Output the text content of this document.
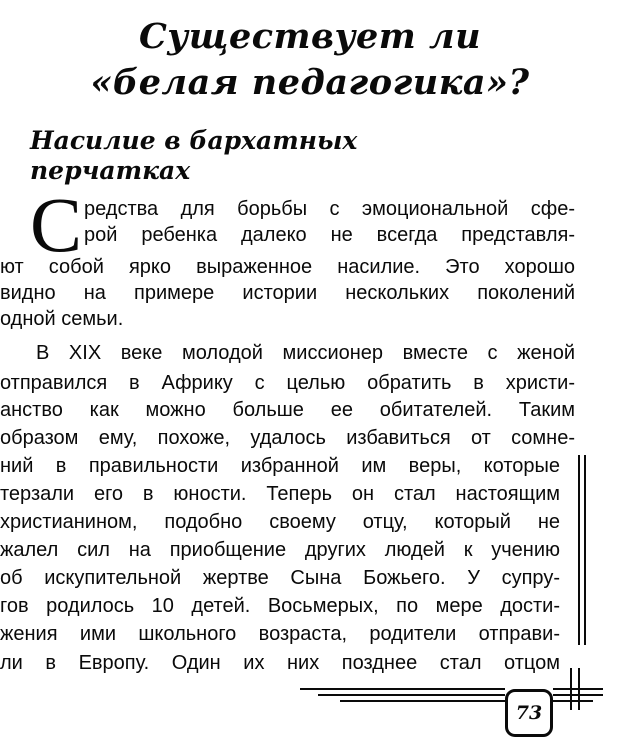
Существует ли
«белая педагогика»?
Насилие в бархатных
перчатках
С редства для борьбы с эмоциональной сфе-
рой ребенка далеко не всегда представля-
ют собой ярко выраженное насилие. Это хорошо
видно на примере истории нескольких поколений
одной семьи.
В XIX веке молодой миссионер вместе с женой
отправился в Африку с целью обратить в христи-
анство как можно больше ее обитателей. Таким
образом ему, похоже, удалось избавиться от сомне-
ний в правильности избранной им веры, которые
терзали его в юности. Теперь он стал настоящим
христианином, подобно своему отцу, который не
жалел сил на приобщение других людей к учению
об искупительной жертве Сына Божьего. У супру-
гов родилось 10 детей. Восьмерых, по мере дости-
жения ими школьного возраста, родители отправи-
ли в Европу. Один их них позднее стал отцом
73
